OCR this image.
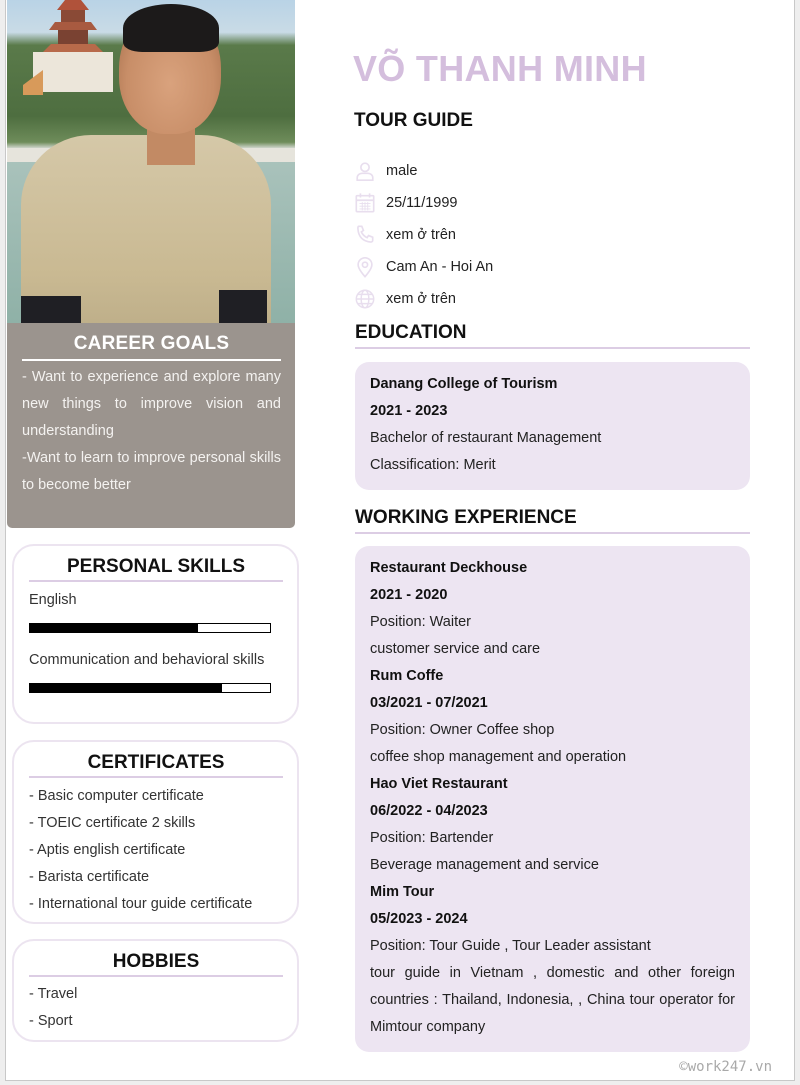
CAREER GOALS

- Want to experience and explore many new things to improve vision and understanding

-Want to learn to improve personal skills to become better

PERSONAL SKILLS
English
Communication and behavioral skills
CERTIFICATES
- Basic computer certificate
- TOEIC certificate 2 skills
- Aptis english certificate
- Barista certificate
- International tour guide certificate
HOBBIES
- Travel
- Sport
VÕ THANH MINH
TOUR GUIDE
male
25/11/1999
xem ở trên
Cam An - Hoi An
xem ở trên
EDUCATION
Danang College of Tourism
2021 - 2023
Bachelor of restaurant Management
Classification: Merit
WORKING EXPERIENCE
Restaurant Deckhouse
2021 - 2020
Position: Waiter
customer service and care
Rum Coffe
03/2021 - 07/2021
Position: Owner Coffee shop
coffee shop management and operation
Hao Viet Restaurant
06/2022 - 04/2023
Position: Bartender
Beverage management and service
Mim Tour
05/2023 - 2024
Position: Tour Guide , Tour Leader assistant
tour guide in Vietnam , domestic and other foreign countries : Thailand, Indonesia, , China tour operator for Mimtour company
©work247.vn
